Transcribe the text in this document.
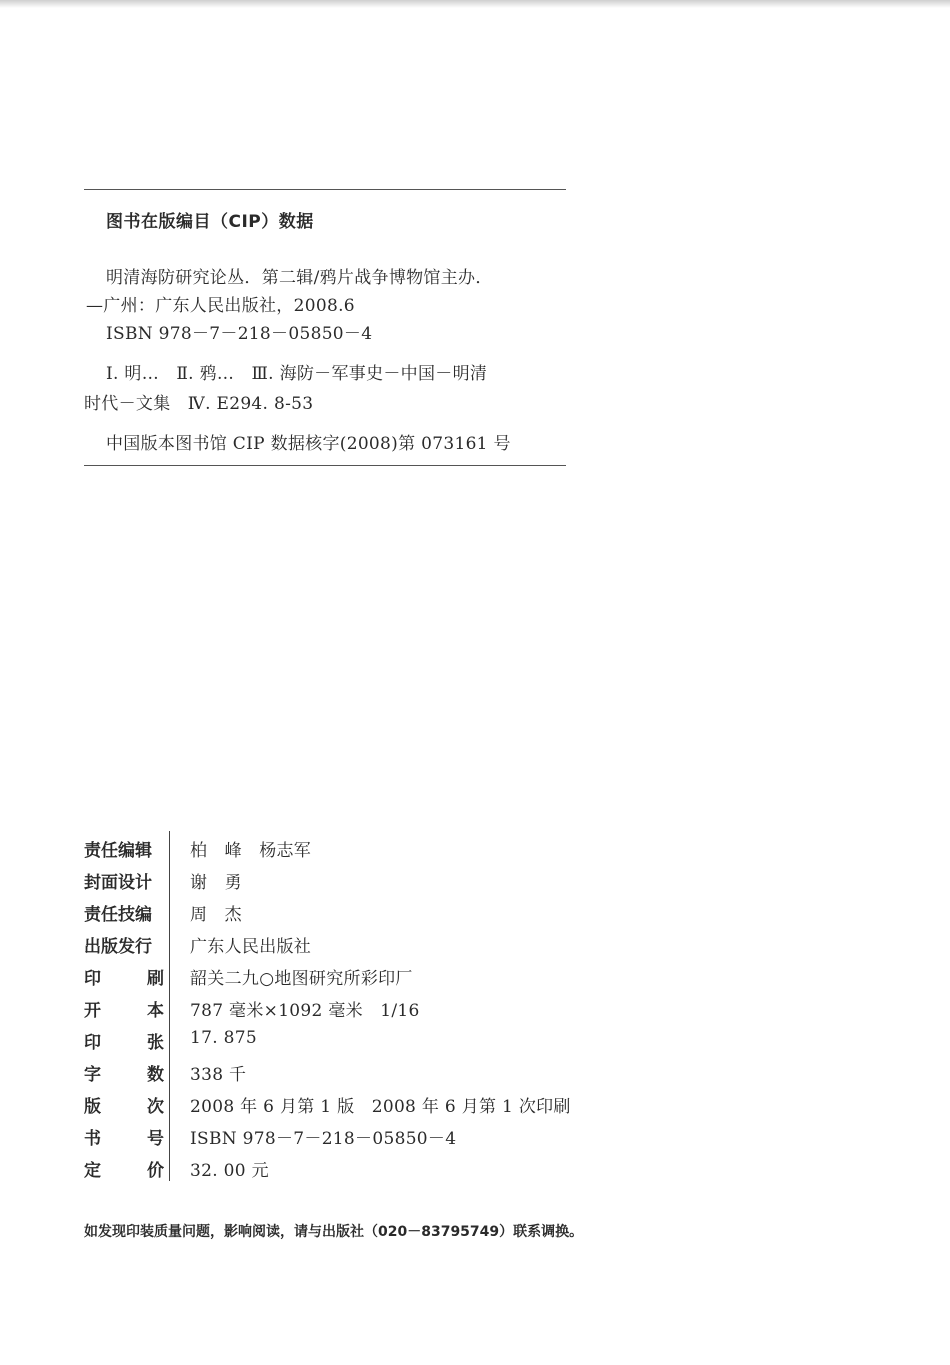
图书在版编目（CIP）数据
明清海防研究论丛．第二辑/鸦片战争博物馆主办．
—广州：广东人民出版社，2008.6
ISBN 978－7－218－05850－4
Ⅰ. 明…　Ⅱ. 鸦…　Ⅲ. 海防－军事史－中国－明清
时代－文集　Ⅳ. E294. 8-53
中国版本图书馆 CIP 数据核字(2008)第 073161 号
责任编辑	柏　峰　杨志军
封面设计	谢　勇
责任技编	周　杰
出版发行	广东人民出版社
印刷 韶关二九○地图研究所彩印厂
开本 787 毫米×1092 毫米　1/16
印张 17. 875
字数 338 千
版次 2008 年 6 月第 1 版　2008 年 6 月第 1 次印刷
书号 ISBN 978－7－218－05850－4
定价 32. 00 元
如发现印装质量问题，影响阅读，请与出版社（020－83795749）联系调换。
